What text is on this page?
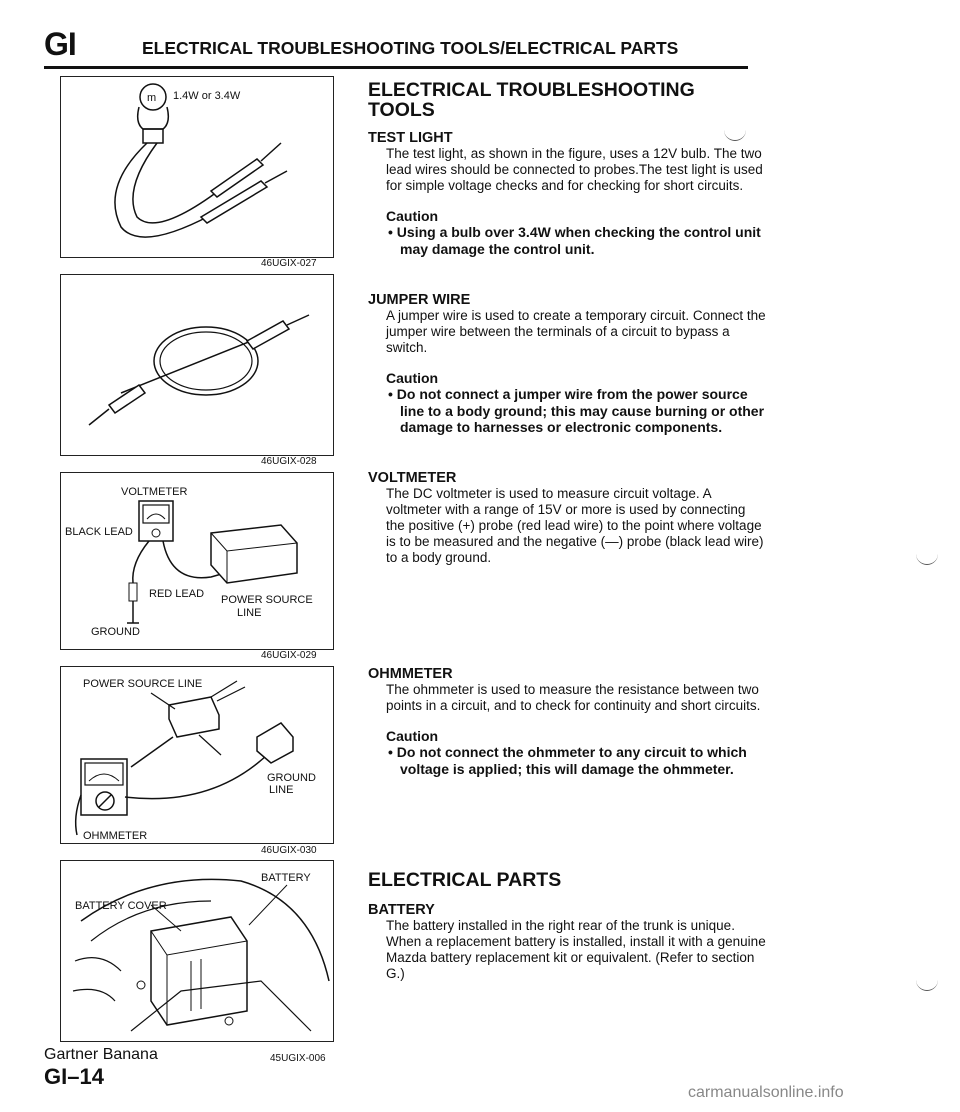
GI	ELECTRICAL TROUBLESHOOTING TOOLS/ELECTRICAL PARTS
m 1.4W or 3.4W
46UGIX-027
46UGIX-028
VOLTMETER
BLACK LEAD
RED LEAD POWER SOURCE
LINE
GROUND
46UGIX-029
POWER SOURCE LINE
GROUND
LINE
OHMMETER
46UGIX-030
BATTERY
BATTERY COVER
ELECTRICAL TROUBLESHOOTING
TOOLS

TEST LIGHT

The test light, as shown in the figure, uses a 12V bulb. The two lead wires should be connected to probes.The test light is used for simple voltage checks and for checking for short circuits.

Caution

• Using a bulb over 3.4W when checking the control unit may damage the control unit.

JUMPER WIRE

A jumper wire is used to create a temporary circuit. Connect the jumper wire between the terminals of a circuit to bypass a switch.

Caution

• Do not connect a jumper wire from the power source line to a body ground; this may cause burning or other damage to harnesses or electronic components.

VOLTMETER

The DC voltmeter is used to measure circuit voltage. A voltmeter with a range of 15V or more is used by connecting the positive (+) probe (red lead wire) to the point where voltage is to be measured and the negative (—) probe (black lead wire) to a body ground.

OHMMETER

The ohmmeter is used to measure the resistance between two points in a circuit, and to check for continuity and short circuits.

Caution

• Do not connect the ohmmeter to any circuit to which voltage is applied; this will damage the ohmmeter.

ELECTRICAL PARTS

BATTERY

The battery installed in the right rear of the trunk is unique.

When a replacement battery is installed, install it with a genuine Mazda battery replacement kit or equivalent. (Refer to section G.)

Gartner Banana
GI–14
45UGIX-006
carmanualsonline.info
